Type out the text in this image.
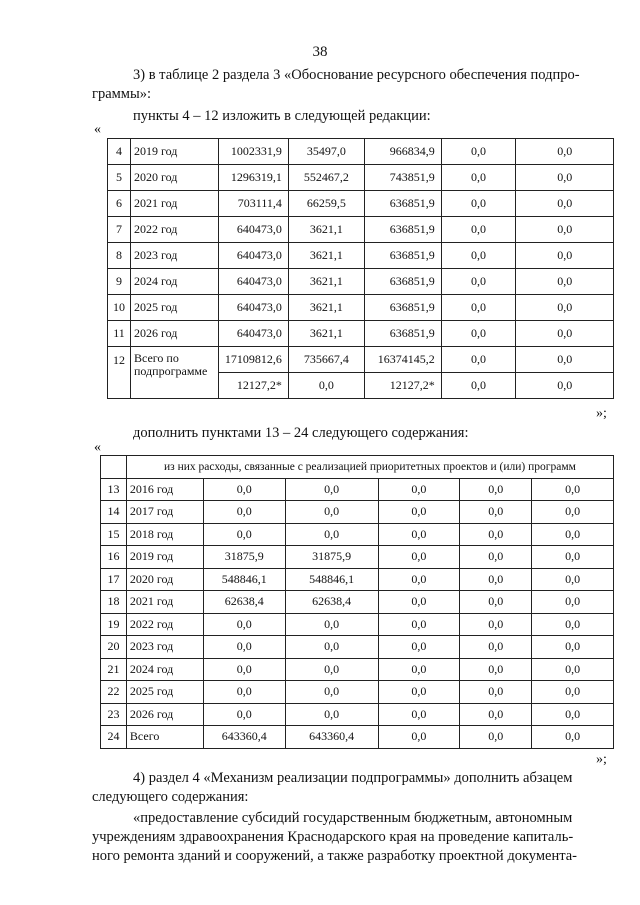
38
3) в таблице 2 раздела 3 «Обоснование ресурсного обеспечения подпро-
граммы»:
пункты 4 – 12 изложить в следующей редакции:
«
4	2019 год	1002331,9	35497,0	966834,9	0,0	0,0
5	2020 год	1296319,1	552467,2	743851,9	0,0	0,0
6	2021 год	703111,4	66259,5	636851,9	0,0	0,0
7	2022 год	640473,0	3621,1	636851,9	0,0	0,0
8	2023 год	640473,0	3621,1	636851,9	0,0	0,0
9	2024 год	640473,0	3621,1	636851,9	0,0	0,0
10	2025 год	640473,0	3621,1	636851,9	0,0	0,0
11	2026 год	640473,0	3621,1	636851,9	0,0	0,0
12	Всего по подпрограмме	17109812,6	735667,4	16374145,2	0,0	0,0
		12127,2*	0,0	12127,2*	0,0	0,0
»;
дополнить пунктами 13 – 24 следующего содержания:
«
	из них расходы, связанные с реализацией приоритетных проектов и (или) программ					
13	2016 год	0,0	0,0	0,0	0,0	0,0
14	2017 год	0,0	0,0	0,0	0,0	0,0
15	2018 год	0,0	0,0	0,0	0,0	0,0
16	2019 год	31875,9	31875,9	0,0	0,0	0,0
17	2020 год	548846,1	548846,1	0,0	0,0	0,0
18	2021 год	62638,4	62638,4	0,0	0,0	0,0
19	2022 год	0,0	0,0	0,0	0,0	0,0
20	2023 год	0,0	0,0	0,0	0,0	0,0
21	2024 год	0,0	0,0	0,0	0,0	0,0
22	2025 год	0,0	0,0	0,0	0,0	0,0
23	2026 год	0,0	0,0	0,0	0,0	0,0
24	Всего	643360,4	643360,4	0,0	0,0	0,0
»;
4) раздел 4 «Механизм реализации подпрограммы» дополнить абзацем
следующего содержания:
«предоставление субсидий государственным бюджетным, автономным
учреждениям здравоохранения Краснодарского края на проведение капиталь-
ного ремонта зданий и сооружений, а также разработку проектной документа-
